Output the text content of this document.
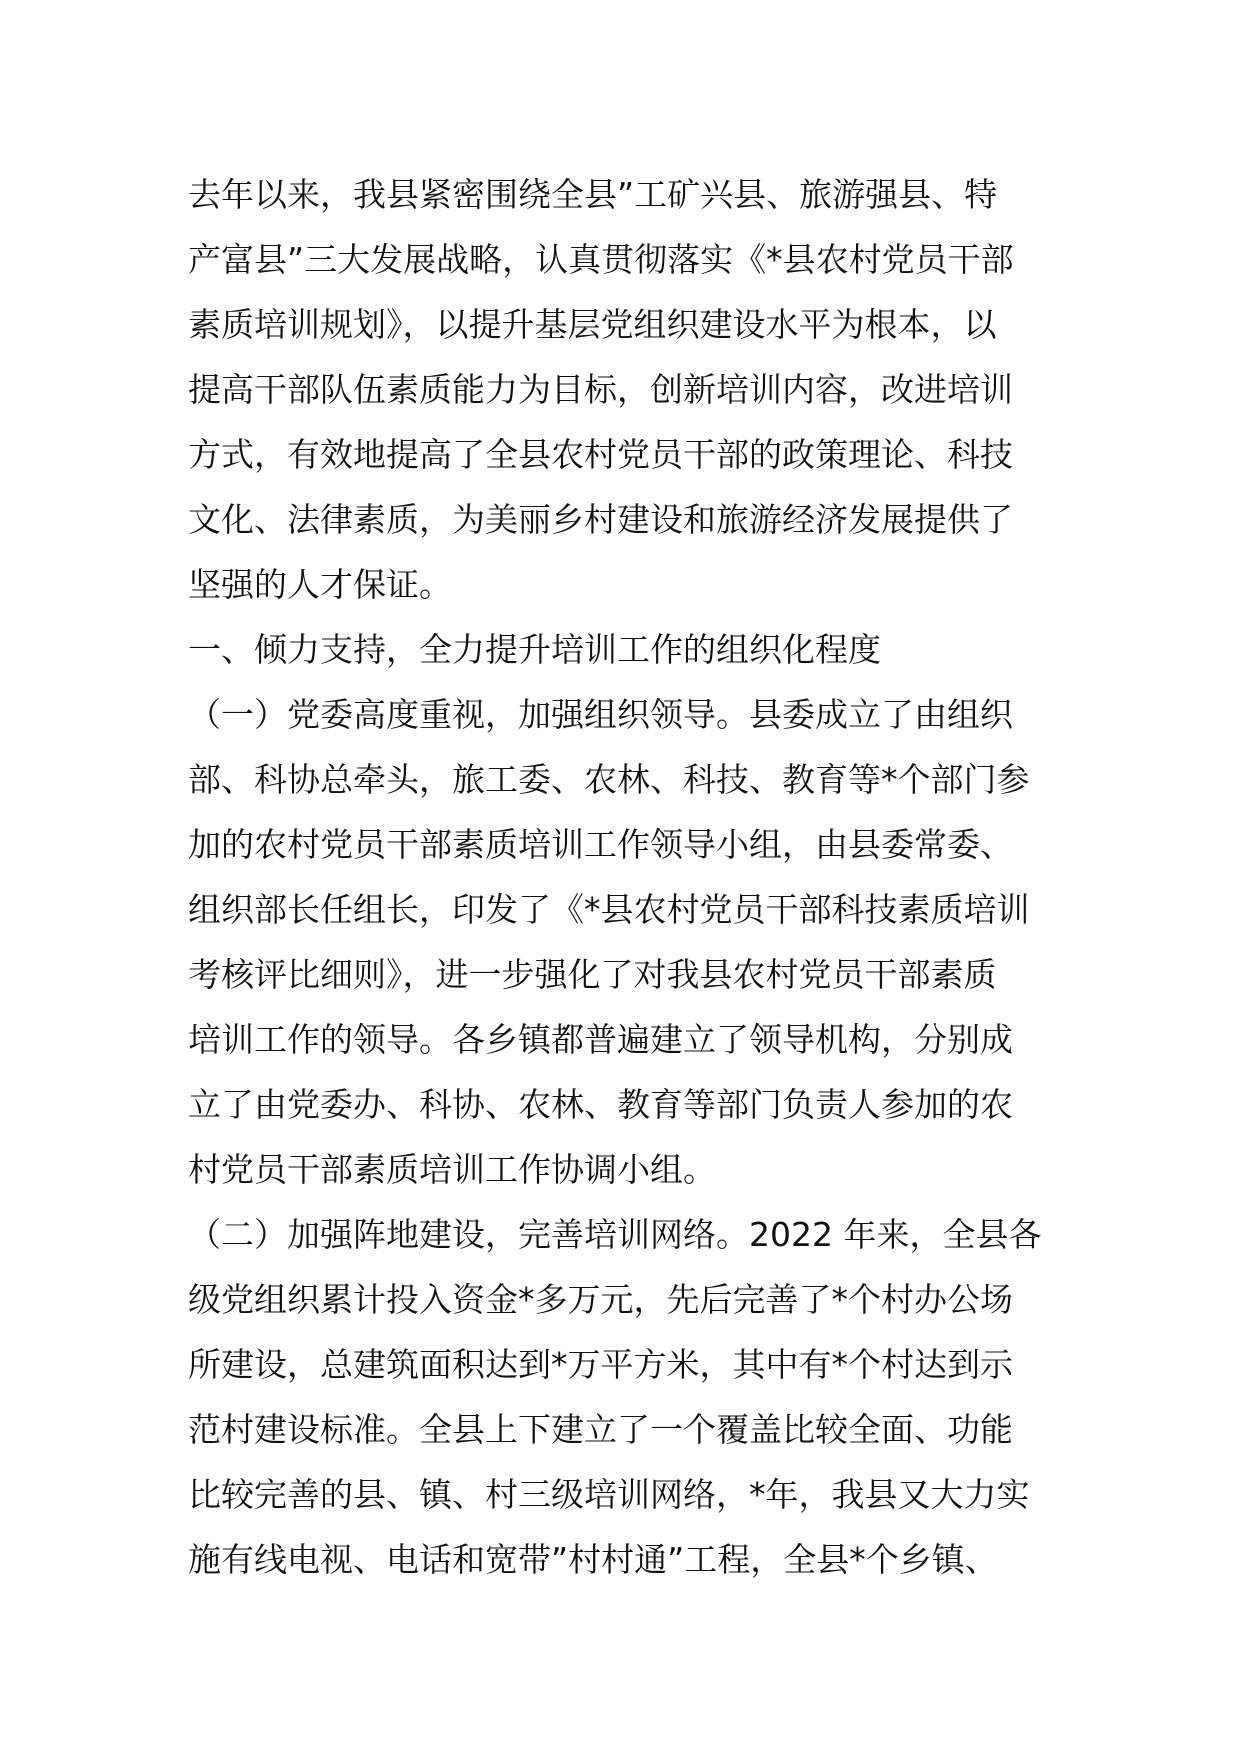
去年以来，我县紧密围绕全县”工矿兴县、旅游强县、特
产富县”三大发展战略，认真贯彻落实《*县农村党员干部
素质培训规划》，以提升基层党组织建设水平为根本，以
提高干部队伍素质能力为目标，创新培训内容，改进培训
方式，有效地提高了全县农村党员干部的政策理论、科技
文化、法律素质，为美丽乡村建设和旅游经济发展提供了
坚强的人才保证。
一、倾力支持，全力提升培训工作的组织化程度
（一）党委高度重视，加强组织领导。县委成立了由组织
部、科协总牵头，旅工委、农林、科技、教育等*个部门参
加的农村党员干部素质培训工作领导小组，由县委常委、
组织部长任组长，印发了《*县农村党员干部科技素质培训
考核评比细则》，进一步强化了对我县农村党员干部素质
培训工作的领导。各乡镇都普遍建立了领导机构，分别成
立了由党委办、科协、农林、教育等部门负责人参加的农
村党员干部素质培训工作协调小组。
（二）加强阵地建设，完善培训网络。2022 年来，全县各
级党组织累计投入资金*多万元，先后完善了*个村办公场
所建设，总建筑面积达到*万平方米，其中有*个村达到示
范村建设标准。全县上下建立了一个覆盖比较全面、功能
比较完善的县、镇、村三级培训网络，*年，我县又大力实
施有线电视、电话和宽带”村村通”工程，全县*个乡镇、
